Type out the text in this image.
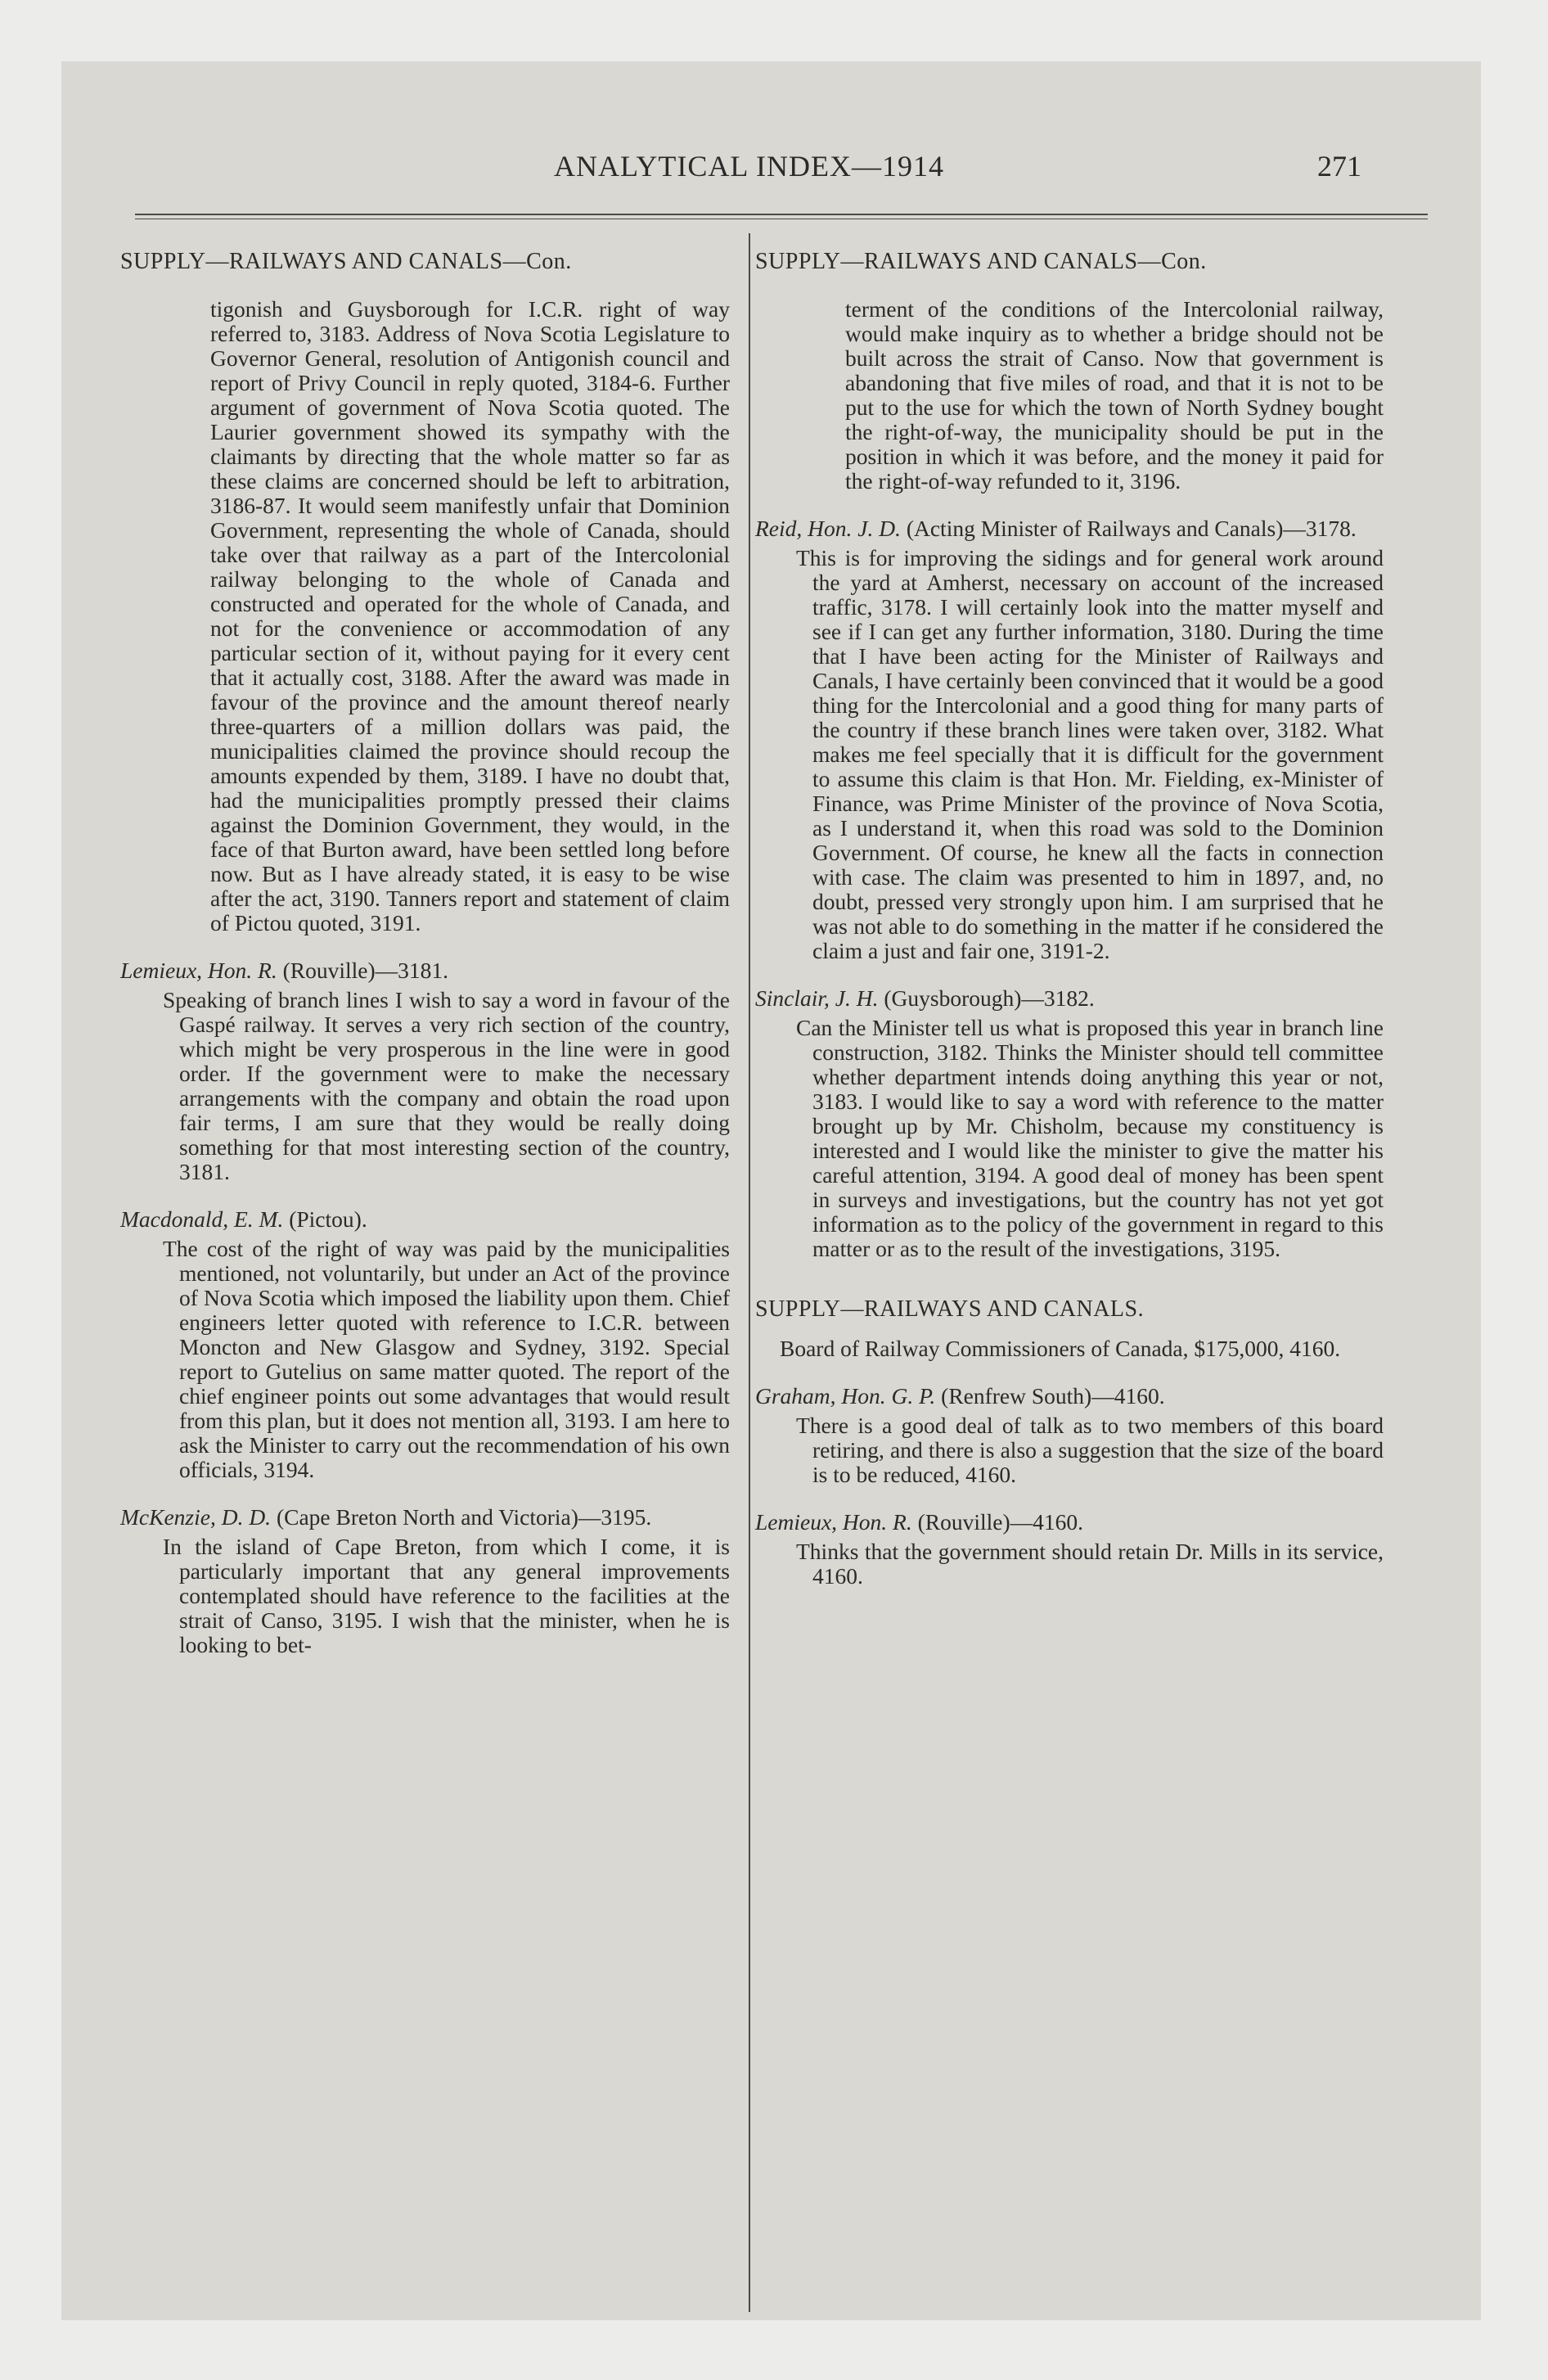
ANALYTICAL INDEX—1914	271
SUPPLY—RAILWAYS AND CANALS—Con.

tigonish and Guysborough for I.C.R. right of way referred to, 3183. Address of Nova Scotia Legislature to Governor General, resolution of Antigonish council and report of Privy Council in reply quoted, 3184-6. Further argument of government of Nova Scotia quoted. The Laurier government showed its sympathy with the claimants by directing that the whole matter so far as these claims are concerned should be left to arbitration, 3186-87. It would seem manifestly unfair that Dominion Government, representing the whole of Canada, should take over that railway as a part of the Intercolonial railway belonging to the whole of Canada and constructed and operated for the whole of Canada, and not for the convenience or accommodation of any particular section of it, without paying for it every cent that it actually cost, 3188. After the award was made in favour of the province and the amount thereof nearly three-quarters of a million dollars was paid, the municipalities claimed the province should recoup the amounts expended by them, 3189. I have no doubt that, had the municipalities promptly pressed their claims against the Dominion Government, they would, in the face of that Burton award, have been settled long before now. But as I have already stated, it is easy to be wise after the act, 3190. Tanners report and statement of claim of Pictou quoted, 3191.

Lemieux, Hon. R. (Rouville)—3181.

Speaking of branch lines I wish to say a word in favour of the Gaspé railway. It serves a very rich section of the country, which might be very prosperous in the line were in good order. If the government were to make the necessary arrangements with the company and obtain the road upon fair terms, I am sure that they would be really doing something for that most interesting section of the country, 3181.

Macdonald, E. M. (Pictou).

The cost of the right of way was paid by the municipalities mentioned, not voluntarily, but under an Act of the province of Nova Scotia which imposed the liability upon them. Chief engineers letter quoted with reference to I.C.R. between Moncton and New Glasgow and Sydney, 3192. Special report to Gutelius on same matter quoted. The report of the chief engineer points out some advantages that would result from this plan, but it does not mention all, 3193. I am here to ask the Minister to carry out the recommendation of his own officials, 3194.

McKenzie, D. D. (Cape Breton North and Victoria)—3195.

In the island of Cape Breton, from which I come, it is particularly important that any general improvements contemplated should have reference to the facilities at the strait of Canso, 3195. I wish that the minister, when he is looking to bet-

SUPPLY—RAILWAYS AND CANALS—Con.

terment of the conditions of the Intercolonial railway, would make inquiry as to whether a bridge should not be built across the strait of Canso. Now that government is abandoning that five miles of road, and that it is not to be put to the use for which the town of North Sydney bought the right-of-way, the municipality should be put in the position in which it was before, and the money it paid for the right-of-way refunded to it, 3196.

Reid, Hon. J. D. (Acting Minister of Railways and Canals)—3178.

This is for improving the sidings and for general work around the yard at Amherst, necessary on account of the increased traffic, 3178. I will certainly look into the matter myself and see if I can get any further information, 3180. During the time that I have been acting for the Minister of Railways and Canals, I have certainly been convinced that it would be a good thing for the Intercolonial and a good thing for many parts of the country if these branch lines were taken over, 3182. What makes me feel specially that it is difficult for the government to assume this claim is that Hon. Mr. Fielding, ex-Minister of Finance, was Prime Minister of the province of Nova Scotia, as I understand it, when this road was sold to the Dominion Government. Of course, he knew all the facts in connection with case. The claim was presented to him in 1897, and, no doubt, pressed very strongly upon him. I am surprised that he was not able to do something in the matter if he considered the claim a just and fair one, 3191-2.

Sinclair, J. H. (Guysborough)—3182.

Can the Minister tell us what is proposed this year in branch line construction, 3182. Thinks the Minister should tell committee whether department intends doing anything this year or not, 3183. I would like to say a word with reference to the matter brought up by Mr. Chisholm, because my constituency is interested and I would like the minister to give the matter his careful attention, 3194. A good deal of money has been spent in surveys and investigations, but the country has not yet got information as to the policy of the government in regard to this matter or as to the result of the investigations, 3195.

SUPPLY—RAILWAYS AND CANALS.

Board of Railway Commissioners of Canada, $175,000, 4160.

Graham, Hon. G. P. (Renfrew South)—4160.

There is a good deal of talk as to two members of this board retiring, and there is also a suggestion that the size of the board is to be reduced, 4160.

Lemieux, Hon. R. (Rouville)—4160.

Thinks that the government should retain Dr. Mills in its service, 4160.
